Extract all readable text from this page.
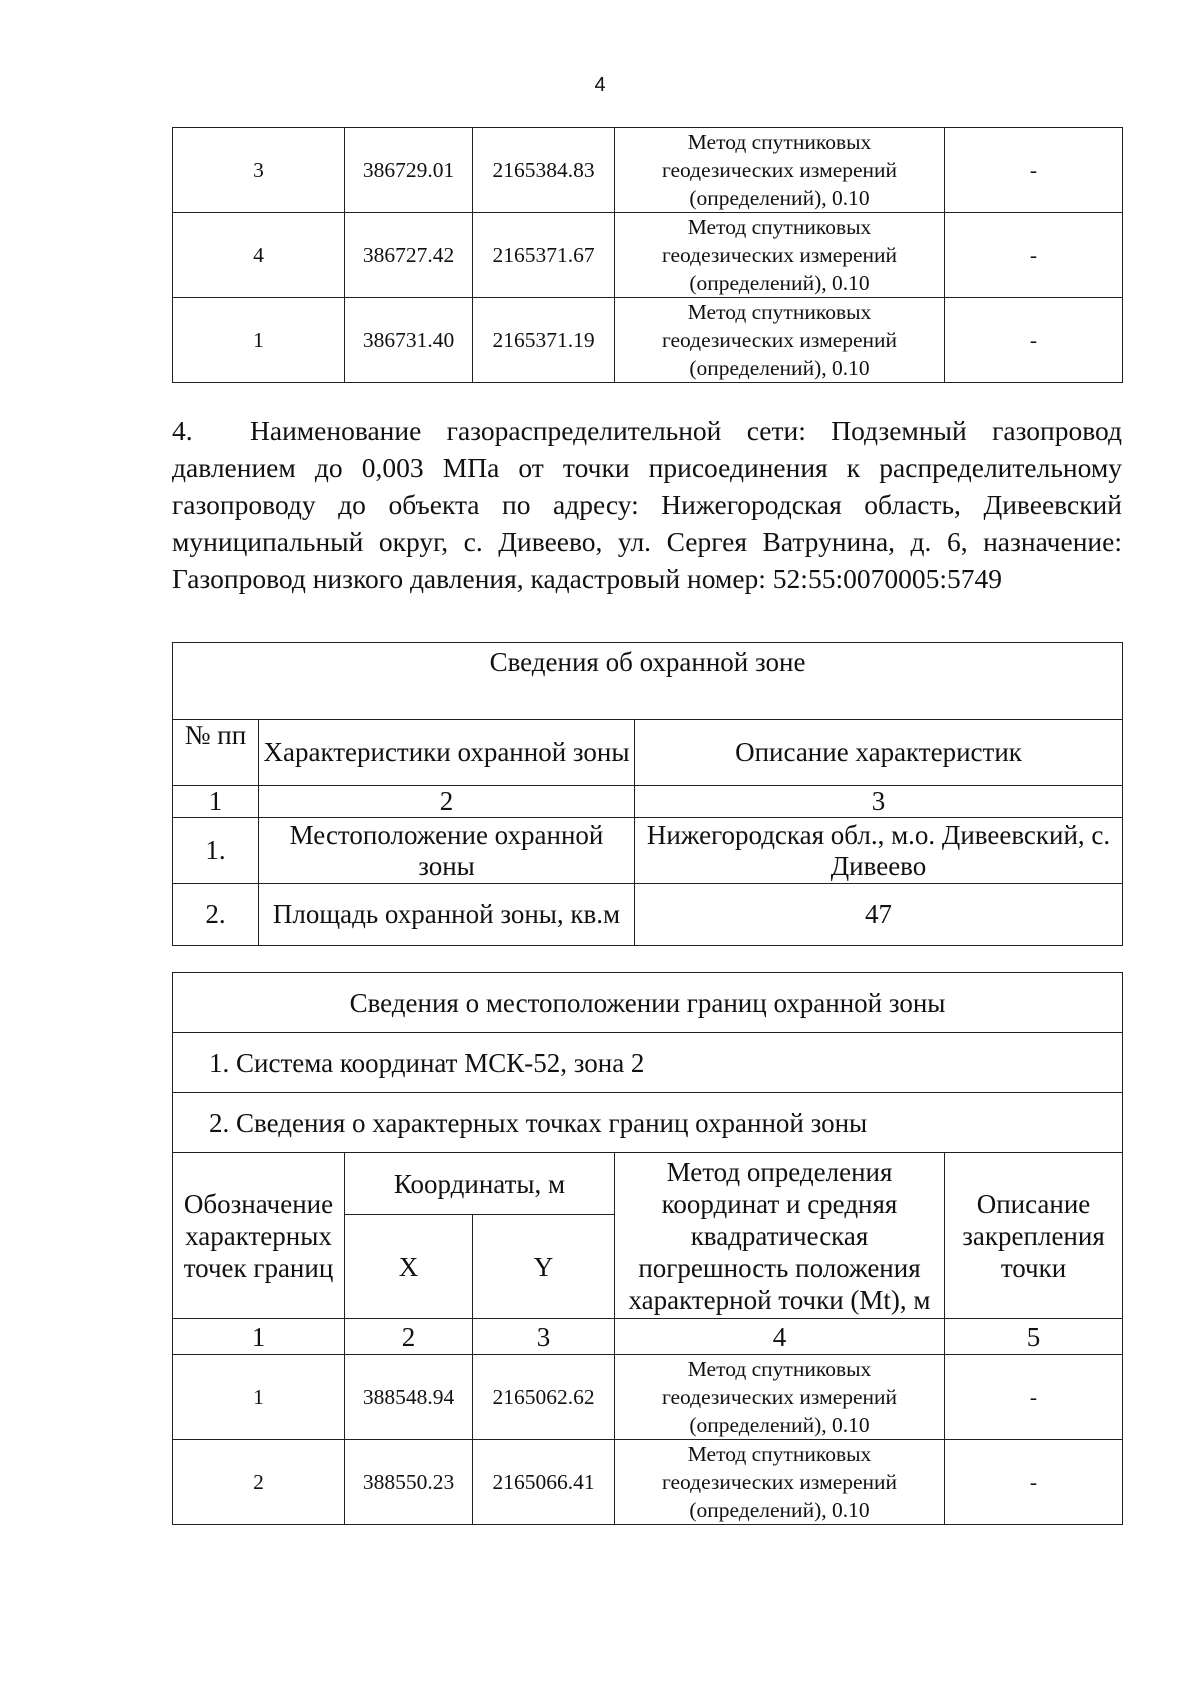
4
3	386729.01	2165384.83	Метод спутниковых
геодезических измерений
(определений), 0.10	-
4	386727.42	2165371.67	Метод спутниковых
геодезических измерений
(определений), 0.10	-
1	386731.40	2165371.19	Метод спутниковых
геодезических измерений
(определений), 0.10	-
4. Наименование газораспределительной сети: Подземный газопровод давлением до 0,003 МПа от точки присоединения к распределительному газопроводу до объекта по адресу: Нижегородская область, Дивеевский муниципальный округ, с. Дивеево, ул. Сергея Ватрунина, д. 6, назначение: Газопровод низкого давления, кадастровый номер: 52:55:0070005:5749
Сведения об охранной зоне		
№ пп	Характеристики охранной зоны	Описание характеристик
1	2	3
1.	Местоположение охранной зоны	Нижегородская обл., м.о. Дивеевский, с. Дивеево
2.	Площадь охранной зоны, кв.м	47
Сведения о местоположении границ охранной зоны				
1. Система координат МСК-52, зона 2				
2. Сведения о характерных точках границ охранной зоны				
Обозначение характерных точек границ	Координаты, м		Метод определения координат и средняя квадратическая погрешность положения характерной точки (Mt), м	Описание закрепления точки
	X	Y		
1	2	3	4	5
1	388548.94	2165062.62	Метод спутниковых
геодезических измерений
(определений), 0.10	-
2	388550.23	2165066.41	Метод спутниковых
геодезических измерений
(определений), 0.10	-
